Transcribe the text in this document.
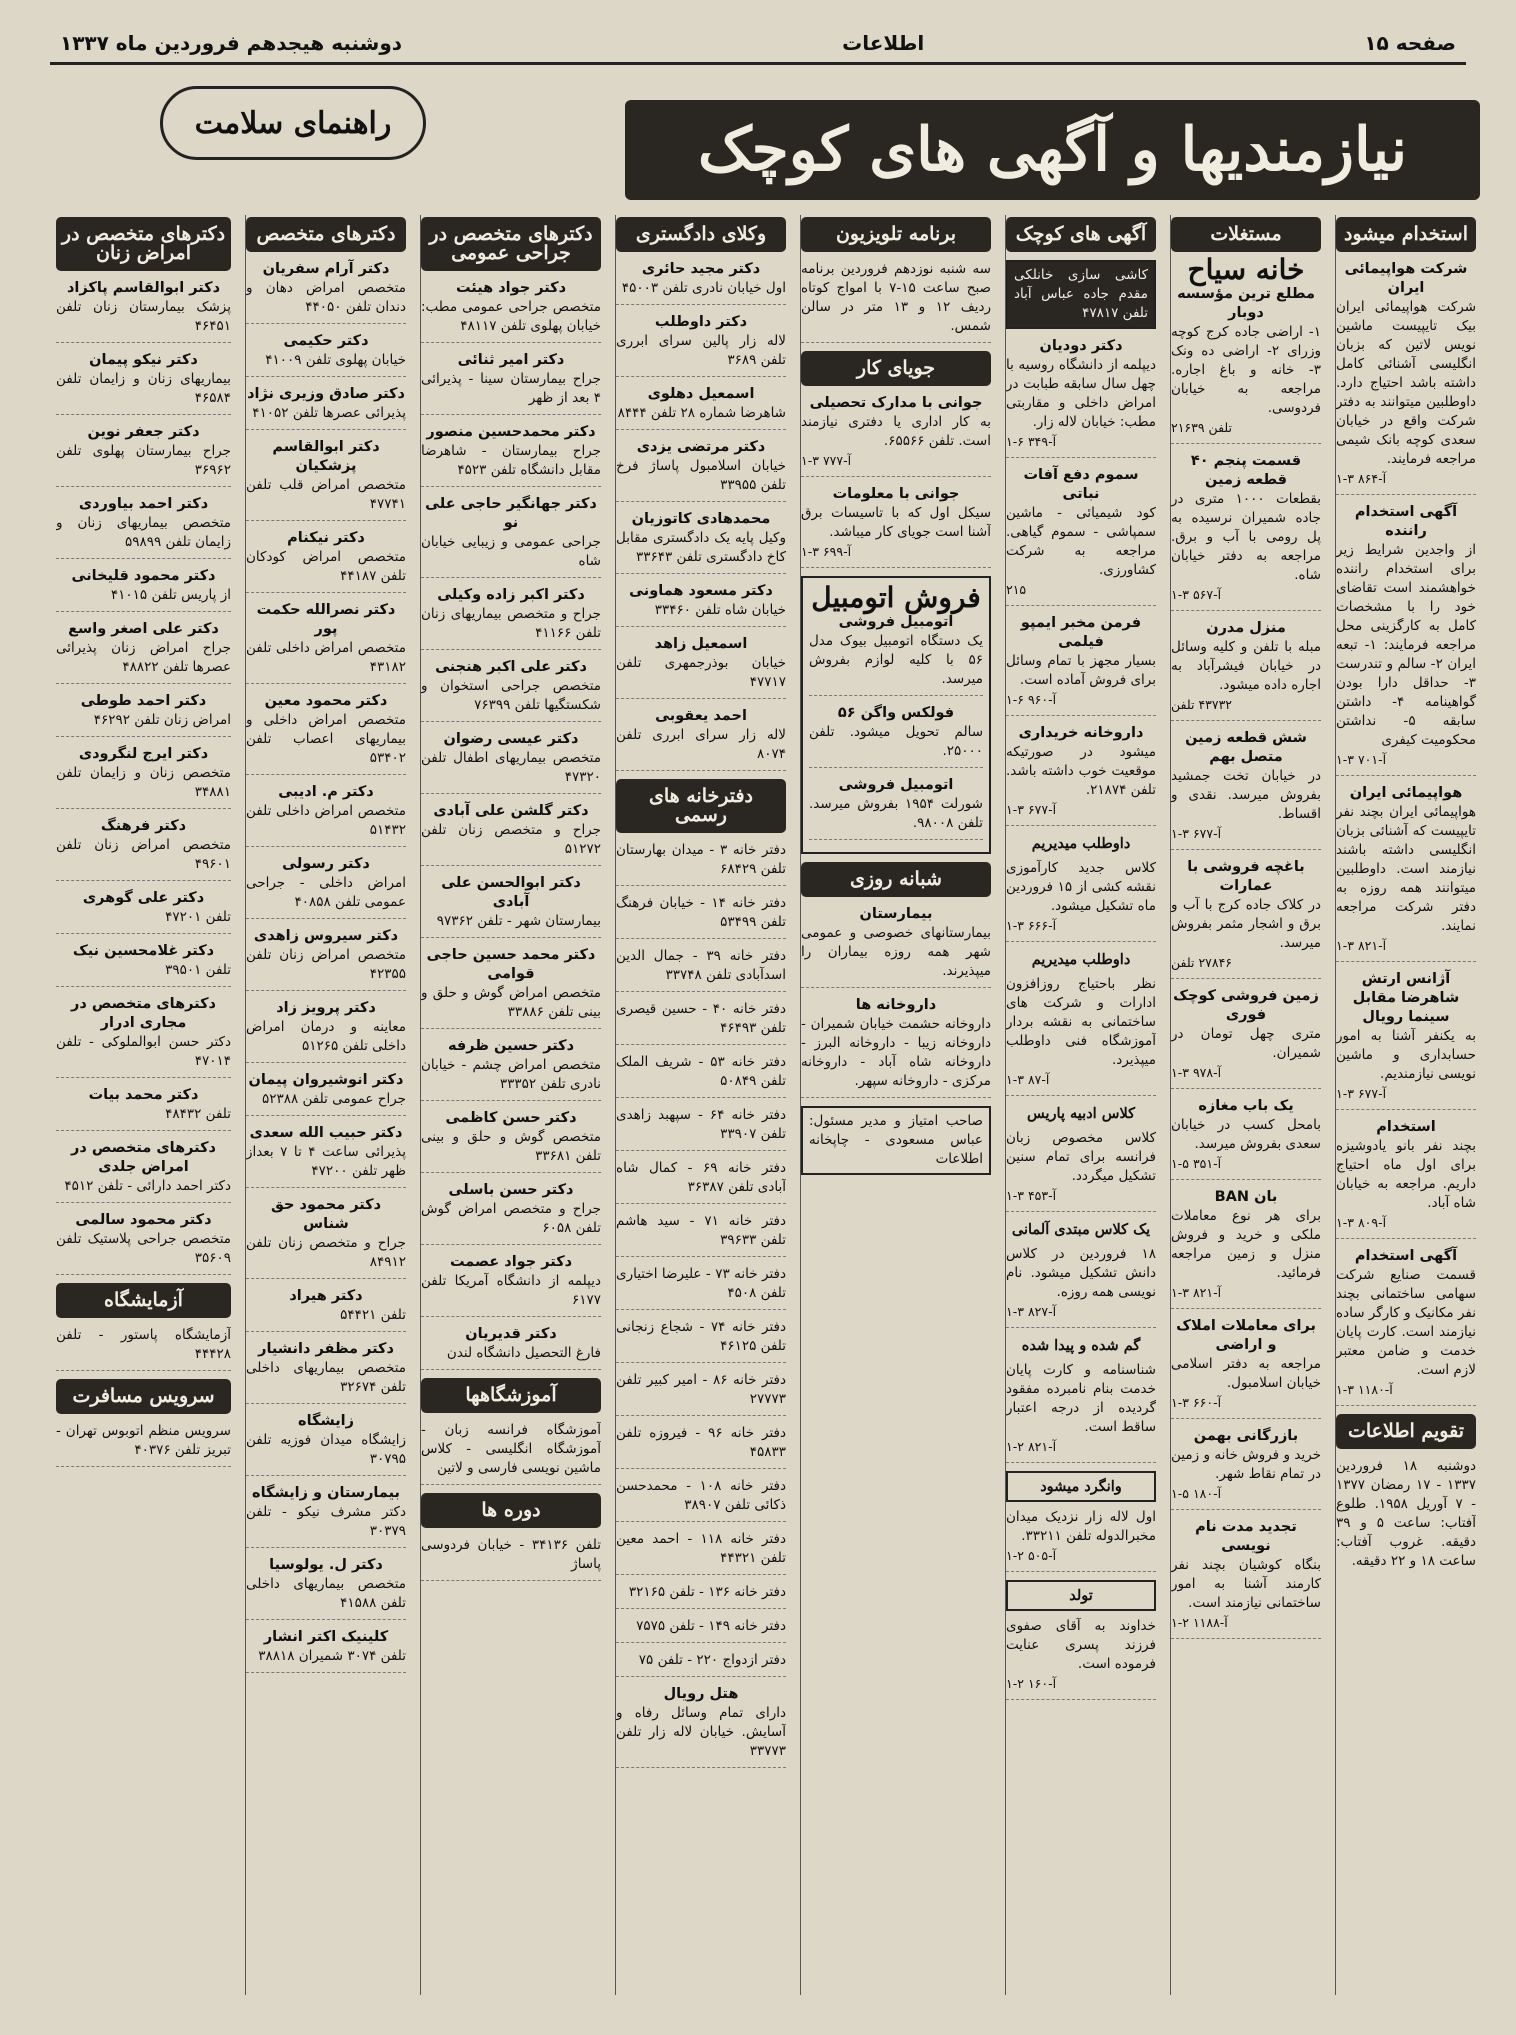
صفحه ۱۵
اطلاعات
دوشنبه هیجدهم فروردین ماه ۱۳۳۷
نیازمندیها و آگهی های کوچک
راهنمای سلامت
استخدام میشود
شرکت هواپیمائی ایران
شرکت هواپیمائی ایران بیک تایپیست ماشین نویس لاتین که بزبان انگلیسی آشنائی کامل داشته باشد احتیاج دارد. داوطلبین میتوانند به دفتر شرکت واقع در خیابان سعدی کوچه بانک شیمی مراجعه فرمایند.
آ-۸۶۴ ۳-۱
آگهی استخدام راننده
از واجدین شرایط زیر برای استخدام راننده خواهشمند است تقاضای خود را با مشخصات کامل به کارگزینی محل مراجعه فرمایند: ۱- تبعه ایران ۲- سالم و تندرست ۳- حداقل دارا بودن گواهینامه ۴- داشتن سابقه ۵- نداشتن محکومیت کیفری
آ-۷۰۱ ۳-۱
هواپیمائی ایران
هواپیمائی ایران بچند نفر تایپیست که آشنائی بزبان انگلیسی داشته باشند نیازمند است. داوطلبین میتوانند همه روزه به دفتر شرکت مراجعه نمایند.
آ-۸۲۱ ۳-۱
آژانس ارتش شاهرضا مقابل سینما رویال
به یکنفر آشنا به امور حسابداری و ماشین نویسی نیازمندیم.
آ-۶۷۷ ۳-۱
استخدام
بچند نفر بانو یادوشیزه برای اول ماه احتیاج داریم. مراجعه به خیابان شاه آباد.
آ-۸۰۹ ۳-۱
آگهی استخدام
قسمت صنایع شرکت سهامی ساختمانی بچند نفر مکانیک و کارگر ساده نیازمند است. کارت پایان خدمت و ضامن معتبر لازم است.
آ-۱۱۸۰ ۳-۱
تقویم اطلاعات
دوشنبه ۱۸ فروردین ۱۳۳۷ - ۱۷ رمضان ۱۳۷۷ - ۷ آوریل ۱۹۵۸. طلوع آفتاب: ساعت ۵ و ۳۹ دقیقه. غروب آفتاب: ساعت ۱۸ و ۲۲ دقیقه.
مستغلات
خانه سیاح
مطلع ترین مؤسسه دوبار
۱- اراضی جاده کرج کوچه وزرای ۲- اراضی ده ونک ۳- خانه و باغ اجاره. مراجعه به خیابان فردوسی.
تلفن ۲۱۶۳۹
قسمت پنجم ۴۰ قطعه زمین
بقطعات ۱۰۰۰ متری در جاده شمیران نرسیده به پل رومی با آب و برق. مراجعه به دفتر خیابان شاه.
آ-۵۶۷ ۳-۱
منزل مدرن
مبله با تلفن و کلیه وسائل در خیابان فیشرآباد به اجاره داده میشود.
۴۳۷۳۲ تلفن
شش قطعه زمین متصل بهم
در خیابان تخت جمشید بفروش میرسد. نقدی و اقساط.
آ-۶۷۷ ۳-۱
باغچه فروشی با عمارات
در کلاک جاده کرج با آب و برق و اشجار مثمر بفروش میرسد.
۲۷۸۴۶ تلفن
زمین فروشی کوچک فوری
متری چهل تومان در شمیران.
آ-۹۷۸ ۳-۱
یک باب مغازه
بامحل کسب در خیابان سعدی بفروش میرسد.
آ-۳۵۱ ۵-۱
بان BAN
برای هر نوع معاملات ملکی و خرید و فروش منزل و زمین مراجعه فرمائید.
آ-۸۲۱ ۳-۱
برای معاملات املاک و اراضی
مراجعه به دفتر اسلامی خیابان اسلامبول.
آ-۶۶۰ ۳-۱
بازرگانی بهمن
خرید و فروش خانه و زمین در تمام نقاط شهر.
آ-۱۸۰ ۵-۱
تجدید مدت نام نویسی
بنگاه کوشیان بچند نفر کارمند آشنا به امور ساختمانی نیازمند است.
آ-۱۱۸۸ ۲-۱
آگهی های کوچک
کاشی سازی خانلکی مقدم جاده عباس آباد تلفن ۴۷۸۱۷
دکتر دودیان
دیپلمه از دانشگاه روسیه با چهل سال سابقه طبابت در امراض داخلی و مقاربتی مطب: خیابان لاله زار.
آ-۳۴۹ ۶-۱
سموم دفع آفات نباتی
کود شیمیائی - ماشین سمپاشی - سموم گیاهی. مراجعه به شرکت کشاورزی.
۲۱۵
فرمن مخبر ایمپو فیلمی
بسیار مجهز با تمام وسائل برای فروش آماده است.
آ-۹۶۰ ۶-۱
داروخانه خریداری
میشود در صورتیکه موقعیت خوب داشته باشد. تلفن ۲۱۸۷۴.
آ-۶۷۷ ۳-۱
داوطلب میدیریم
کلاس جدید کارآموزی نقشه کشی از ۱۵ فروردین ماه تشکیل میشود.
آ-۶۶۶ ۳-۱
داوطلب میدیریم
نظر باحتیاج روزافزون ادارات و شرکت های ساختمانی به نقشه بردار آموزشگاه فنی داوطلب میپذیرد.
آ-۸۷ ۳-۱
کلاس ادبیه پاریس
کلاس مخصوص زبان فرانسه برای تمام سنین تشکیل میگردد.
آ-۴۵۳ ۳-۱
یک کلاس مبتدی آلمانی
۱۸ فروردین در کلاس دانش تشکیل میشود. نام نویسی همه روزه.
آ-۸۲۷ ۳-۱
گم شده و پیدا شده
شناسنامه و کارت پایان خدمت بنام نامبرده مفقود گردیده از درجه اعتبار ساقط است.
آ-۸۲۱ ۲-۱
وانگرد میشود
اول لاله زار نزدیک میدان مخبرالدوله تلفن ۳۳۲۱۱.
آ-۵۰۵ ۲-۱
تولد
خداوند به آقای صفوی فرزند پسری عنایت فرموده است.
آ-۱۶۰ ۲-۱
برنامه تلویزیون
سه شنبه نوزدهم فروردین برنامه صبح ساعت ۱۵-۷ با امواج کوتاه ردیف ۱۲ و ۱۳ متر در سالن شمس.
جویای کار
جوانی با مدارک تحصیلی
به کار اداری یا دفتری نیازمند است. تلفن ۶۵۵۶۶.
آ-۷۷۷ ۳-۱
جوانی با معلومات
سیکل اول که با تاسیسات برق آشنا است جویای کار میباشد.
آ-۶۹۹ ۳-۱
فروش اتومبیل
اتومبیل فروشی
یک دستگاه اتومبیل بیوک مدل ۵۶ با کلیه لوازم بفروش میرسد.
فولکس واگن ۵۶
سالم تحویل میشود. تلفن ۲۵۰۰۰.
اتومبیل فروشی
شورلت ۱۹۵۴ بفروش میرسد. تلفن ۹۸۰۰۸.
شبانه روزی
بیمارستان
بیمارستانهای خصوصی و عمومی شهر همه روزه بیماران را میپذیرند.
داروخانه ها
داروخانه حشمت خیابان شمیران - داروخانه زیبا - داروخانه البرز - داروخانه شاه آباد - داروخانه مرکزی - داروخانه سپهر.
صاحب امتیاز و مدیر مسئول: عباس مسعودی - چاپخانه اطلاعات
وکلای دادگستری
دکتر مجید حائری
اول خیابان نادری تلفن ۴۵۰۰۳
دکتر داوطلب
لاله زار پالین سرای ابرری تلفن ۳۶۸۹
اسمعیل دهلوی
شاهرضا شماره ۲۸ تلفن ۸۴۴۴
دکتر مرتضی یزدی
خیابان اسلامبول پاساژ فرخ تلفن ۳۳۹۵۵
محمدهادی کاتوزیان
وکیل پایه یک دادگستری مقابل کاخ دادگستری تلفن ۳۳۶۴۳
دکتر مسعود هماونی
خیابان شاه تلفن ۳۳۴۶۰
اسمعیل زاهد
خیابان بوذرجمهری تلفن ۴۷۷۱۷
احمد یعقوبی
لاله زار سرای ابرری تلفن ۸۰۷۴
دفترخانه های رسمی
دفتر خانه ۳ - میدان بهارستان تلفن ۶۸۴۲۹
دفتر خانه ۱۴ - خیابان فرهنگ تلفن ۵۳۴۹۹
دفتر خانه ۳۹ - جمال الدین اسدآبادی تلفن ۳۳۷۴۸
دفتر خانه ۴۰ - حسین قیصری تلفن ۴۶۴۹۳
دفتر خانه ۵۳ - شریف الملک تلفن ۵۰۸۴۹
دفتر خانه ۶۴ - سپهبد زاهدی تلفن ۳۳۹۰۷
دفتر خانه ۶۹ - کمال شاه آبادی تلفن ۳۶۳۸۷
دفتر خانه ۷۱ - سید هاشم تلفن ۳۹۶۳۳
دفتر خانه ۷۳ - علیرضا اختیاری تلفن ۴۵۰۸
دفتر خانه ۷۴ - شجاع زنجانی تلفن ۴۶۱۲۵
دفتر خانه ۸۶ - امیر کبیر تلفن ۲۷۷۷۳
دفتر خانه ۹۶ - فیروزه تلفن ۴۵۸۳۳
دفتر خانه ۱۰۸ - محمدحسن ذکائی تلفن ۳۸۹۰۷
دفتر خانه ۱۱۸ - احمد معین تلفن ۴۴۳۲۱
دفتر خانه ۱۳۶ - تلفن ۳۲۱۶۵
دفتر خانه ۱۴۹ - تلفن ۷۵۷۵
دفتر ازدواج ۲۲۰ - تلفن ۷۵
هتل رویال
دارای تمام وسائل رفاه و آسایش. خیابان لاله زار تلفن ۳۳۷۷۳
دکترهای متخصص در جراحی عمومی
دکتر جواد هیئت
متخصص جراحی عمومی مطب: خیابان پهلوی تلفن ۴۸۱۱۷
دکتر امیر ثنائی
جراح بیمارستان سینا - پذیرائی ۴ بعد از ظهر
دکتر محمدحسین منصور
جراح بیمارستان - شاهرضا مقابل دانشگاه تلفن ۴۵۲۳
دکتر جهانگیر حاجی علی نو
جراحی عمومی و زیبایی خیابان شاه
دکتر اکبر زاده وکیلی
جراح و متخصص بیماریهای زنان تلفن ۴۱۱۶۶
دکتر علی اکبر هنجنی
متخصص جراحی استخوان و شکستگیها تلفن ۷۶۳۹۹
دکتر عیسی رضوان
متخصص بیماریهای اطفال تلفن ۴۷۳۲۰
دکتر گلشن علی آبادی
جراح و متخصص زنان تلفن ۵۱۲۷۲
دکتر ابوالحسن علی آبادی
بیمارستان شهر - تلفن ۹۷۳۶۲
دکتر محمد حسین حاجی قوامی
متخصص امراض گوش و حلق و بینی تلفن ۳۳۸۸۶
دکتر حسین ظرفه
متخصص امراض چشم - خیابان نادری تلفن ۳۳۳۵۲
دکتر حسن کاظمی
متخصص گوش و حلق و بینی تلفن ۳۳۶۸۱
دکتر حسن باسلی
جراح و متخصص امراض گوش تلفن ۶۰۵۸
دکتر جواد عصمت
دیپلمه از دانشگاه آمریکا تلفن ۶۱۷۷
دکتر قدیریان
فارغ التحصیل دانشگاه لندن
آموزشگاهها
آموزشگاه فرانسه زبان - آموزشگاه انگلیسی - کلاس ماشین نویسی فارسی و لاتین
دوره ها
تلفن ۳۴۱۳۶ - خیابان فردوسی پاساژ
دکترهای متخصص
دکتر آرام سفریان
متخصص امراض دهان و دندان تلفن ۴۴۰۵۰
دکتر حکیمی
خیابان پهلوی تلفن ۴۱۰۰۹
دکتر صادق وزیری نژاد
پذیرائی عصرها تلفن ۴۱۰۵۲
دکتر ابوالقاسم پزشکیان
متخصص امراض قلب تلفن ۴۷۷۴۱
دکتر نیکنام
متخصص امراض کودکان تلفن ۴۴۱۸۷
دکتر نصرالله حکمت پور
متخصص امراض داخلی تلفن ۴۳۱۸۲
دکتر محمود معین
متخصص امراض داخلی و بیماریهای اعصاب تلفن ۵۳۴۰۲
دکتر م. ادیبی
متخصص امراض داخلی تلفن ۵۱۴۳۲
دکتر رسولی
امراض داخلی - جراحی عمومی تلفن ۴۰۸۵۸
دکتر سیروس زاهدی
متخصص امراض زنان تلفن ۴۲۳۵۵
دکتر پرویز زاد
معاینه و درمان امراض داخلی تلفن ۵۱۲۶۵
دکتر انوشیروان پیمان
جراح عمومی تلفن ۵۲۳۸۸
دکتر حبیب الله سعدی
پذیرائی ساعت ۴ تا ۷ بعداز ظهر تلفن ۴۷۲۰۰
دکتر محمود حق شناس
جراح و متخصص زنان تلفن ۸۴۹۱۲
دکتر هیراد
تلفن ۵۴۴۲۱
دکتر مظفر دانشیار
متخصص بیماریهای داخلی تلفن ۳۲۶۷۴
زایشگاه
زایشگاه میدان فوزیه تلفن ۳۰۷۹۵
بیمارستان و زایشگاه
دکتر مشرف نیکو - تلفن ۳۰۳۷۹
دکتر ل. یولوسیا
متخصص بیماریهای داخلی تلفن ۴۱۵۸۸
کلینیک اکتر انشار
تلفن ۳۰۷۴ شمیران ۳۸۸۱۸
دکترهای متخصص در امراض زنان
دکتر ابوالقاسم پاکزاد
پزشک بیمارستان زنان تلفن ۴۶۴۵۱
دکتر نیکو پیمان
بیماریهای زنان و زایمان تلفن ۴۶۵۸۴
دکتر جعفر نوین
جراح بیمارستان پهلوی تلفن ۳۶۹۶۲
دکتر احمد بیاوردی
متخصص بیماریهای زنان و زایمان تلفن ۵۹۸۹۹
دکتر محمود قلیخانی
از پاریس تلفن ۴۱۰۱۵
دکتر علی اصغر واسع
جراح امراض زنان پذیرائی عصرها تلفن ۴۸۸۲۲
دکتر احمد طوطی
امراض زنان تلفن ۴۶۲۹۲
دکتر ایرج لنگرودی
متخصص زنان و زایمان تلفن ۳۴۸۸۱
دکتر فرهنگ
متخصص امراض زنان تلفن ۴۹۶۰۱
دکتر علی گوهری
تلفن ۴۷۲۰۱
دکتر غلامحسین نیک
تلفن ۳۹۵۰۱
دکترهای متخصص در مجاری ادرار
دکتر حسن ابوالملوکی - تلفن ۴۷۰۱۴
دکتر محمد بیات
تلفن ۴۸۴۳۲
دکترهای متخصص در امراض جلدی
دکتر احمد دارائی - تلفن ۴۵۱۲
دکتر محمود سالمی
متخصص جراحی پلاستیک تلفن ۳۵۶۰۹
آزمایشگاه
آزمایشگاه پاستور - تلفن ۴۴۴۲۸
سرویس مسافرت
سرویس منظم اتوبوس تهران - تبریز تلفن ۴۰۳۷۶
